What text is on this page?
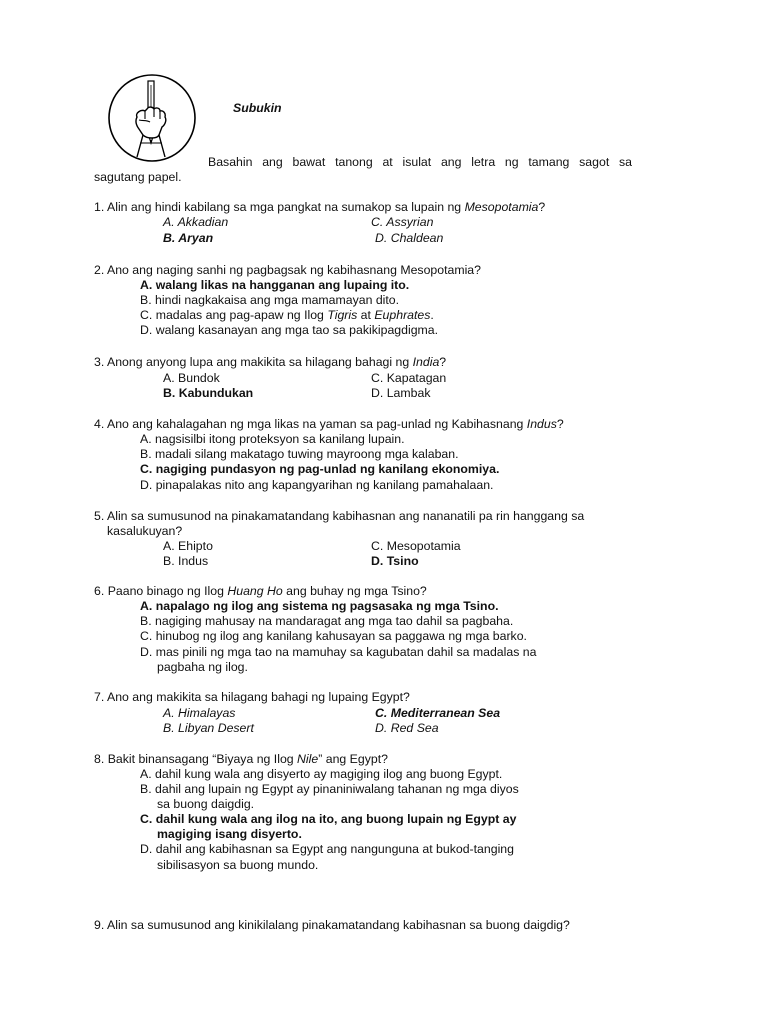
Subukin
Basahin ang bawat tanong at isulat ang letra ng tamang sagot sa
sagutang papel.
1. Alin ang hindi kabilang sa mga pangkat na sumakop sa lupain ng Mesopotamia?
A. Akkadian	C. Assyrian
B. Aryan	D. Chaldean
2. Ano ang naging sanhi ng pagbagsak ng kabihasnang Mesopotamia?
A. walang likas na hangganan ang lupaing ito.
B. hindi nagkakaisa ang mga mamamayan dito.
C. madalas ang pag-apaw ng Ilog Tigris at Euphrates.
D. walang kasanayan ang mga tao sa pakikipagdigma.
3. Anong anyong lupa ang makikita sa hilagang bahagi ng India?
A. Bundok	C. Kapatagan
B. Kabundukan	D. Lambak
4. Ano ang kahalagahan ng mga likas na yaman sa pag-unlad ng Kabihasnang Indus?
A. nagsisilbi itong proteksyon sa kanilang lupain.
B. madali silang makatago tuwing mayroong mga kalaban.
C. nagiging pundasyon ng pag-unlad ng kanilang ekonomiya.
D. pinapalakas nito ang kapangyarihan ng kanilang pamahalaan.
5. Alin sa sumusunod na pinakamatandang kabihasnan ang nananatili pa rin hanggang sa
kasalukuyan?
A. Ehipto	C. Mesopotamia
B. Indus	D. Tsino
6. Paano binago ng Ilog Huang Ho ang buhay ng mga Tsino?
A. napalago ng ilog ang sistema ng pagsasaka ng mga Tsino.
B. nagiging mahusay na mandaragat ang mga tao dahil sa pagbaha.
C. hinubog ng ilog ang kanilang kahusayan sa paggawa ng mga barko.
D. mas pinili ng mga tao na mamuhay sa kagubatan dahil sa madalas na
pagbaha ng ilog.
7. Ano ang makikita sa hilagang bahagi ng lupaing Egypt?
A. Himalayas	C. Mediterranean Sea
B. Libyan Desert	D. Red Sea
8. Bakit binansagang “Biyaya ng Ilog Nile” ang Egypt?
A. dahil kung wala ang disyerto ay magiging ilog ang buong Egypt.
B. dahil ang lupain ng Egypt ay pinaniniwalang tahanan ng mga diyos
sa buong daigdig.
C. dahil kung wala ang ilog na ito, ang buong lupain ng Egypt ay
magiging isang disyerto.
D. dahil ang kabihasnan sa Egypt ang nangunguna at bukod-tanging
sibilisasyon sa buong mundo.
9. Alin sa sumusunod ang kinikilalang pinakamatandang kabihasnan sa buong daigdig?
